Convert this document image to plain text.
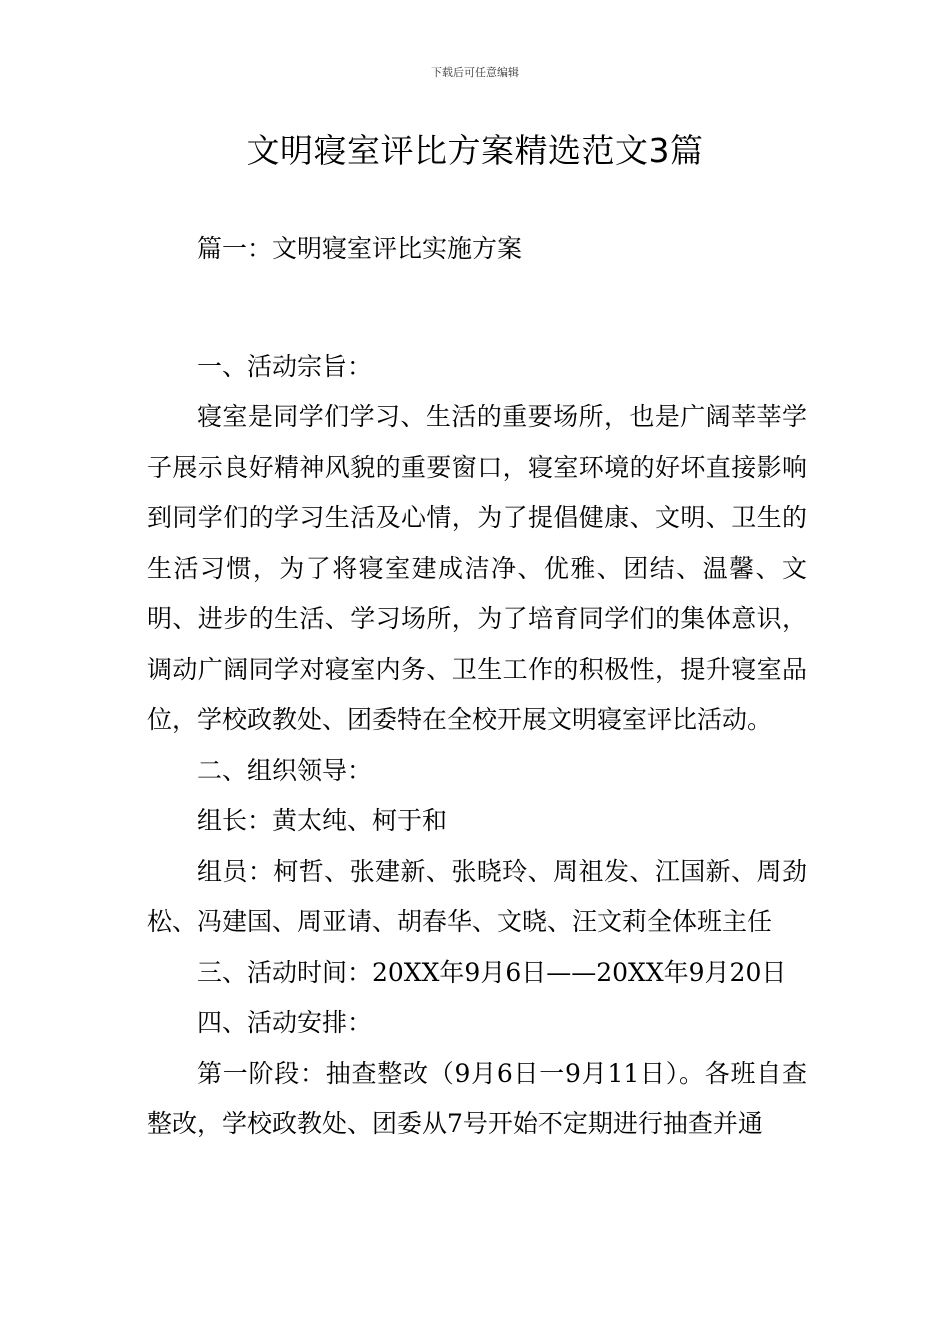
下载后可任意编辑
文明寝室评比方案精选范文3篇

篇一：文明寝室评比实施方案

一、活动宗旨：

寝室是同学们学习、生活的重要场所，也是广阔莘莘学子展示良好精神风貌的重要窗口，寝室环境的好坏直接影响到同学们的学习生活及心情，为了提倡健康、文明、卫生的生活习惯，为了将寝室建成洁净、优雅、团结、温馨、文明、进步的生活、学习场所，为了培育同学们的集体意识，调动广阔同学对寝室内务、卫生工作的积极性，提升寝室品位，学校政教处、团委特在全校开展文明寝室评比活动。

二、组织领导：

组长：黄太纯、柯于和

组员：柯哲、张建新、张晓玲、周祖发、江国新、周劲松、冯建国、周亚请、胡春华、文晓、汪文莉全体班主任

三、活动时间：20XX年9月6日——20XX年9月20日

四、活动安排：

第一阶段：抽查整改（9月6日一9月11日）。各班自查整改，学校政教处、团委从7号开始不定期进行抽查并通
